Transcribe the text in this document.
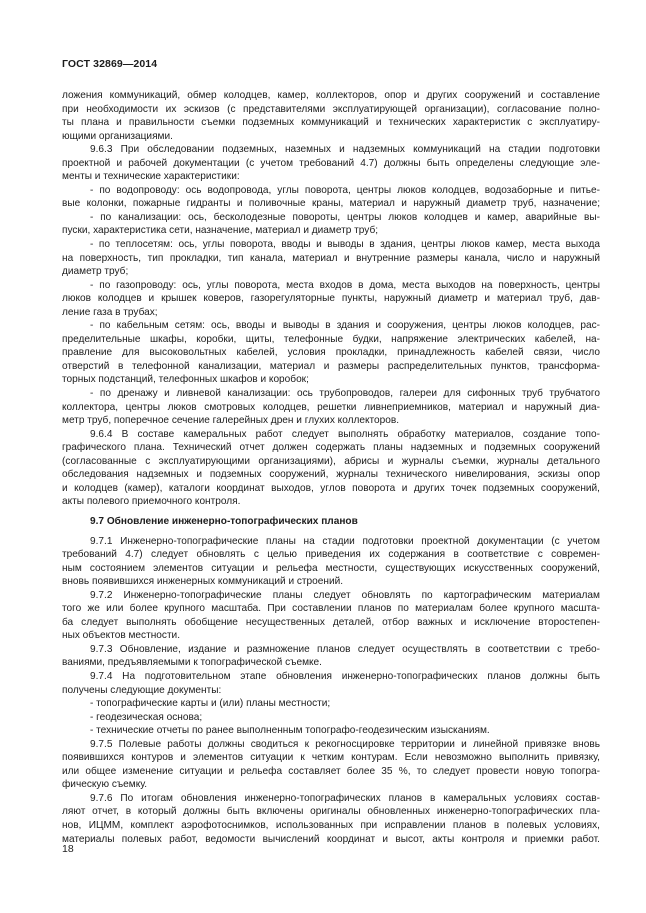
ГОСТ 32869—2014
ложения коммуникаций, обмер колодцев, камер, коллекторов, опор и других сооружений и составление
при необходимости их эскизов (с представителями эксплуатирующей организации), согласование полно-
ты плана и правильности съемки подземных коммуникаций и технических характеристик с эксплуатиру-
ющими организациями.
9.6.3 При обследовании подземных, наземных и надземных коммуникаций на стадии подготовки
проектной и рабочей документации (с учетом требований 4.7) должны быть определены следующие эле-
менты и технические характеристики:
- по водопроводу: ось водопровода, углы поворота, центры люков колодцев, водозаборные и питье-
вые колонки, пожарные гидранты и поливочные краны, материал и наружный диаметр труб, назначение;
- по канализации: ось, бесколодезные повороты, центры люков колодцев и камер, аварийные вы-
пуски, характеристика сети, назначение, материал и диаметр труб;
- по теплосетям: ось, углы поворота, вводы и выводы в здания, центры люков камер, места выхода
на поверхность, тип прокладки, тип канала, материал и внутренние размеры канала, число и наружный
диаметр труб;
- по газопроводу: ось, углы поворота, места входов в дома, места выходов на поверхность, центры
люков колодцев и крышек коверов, газорегуляторные пункты, наружный диаметр и материал труб, дав-
ление газа в трубах;
- по кабельным сетям: ось, вводы и выводы в здания и сооружения, центры люков колодцев, рас-
пределительные шкафы, коробки, щиты, телефонные будки, напряжение электрических кабелей, на-
правление для высоковольтных кабелей, условия прокладки, принадлежность кабелей связи, число
отверстий в телефонной канализации, материал и размеры распределительных пунктов, трансформа-
торных подстанций, телефонных шкафов и коробок;
- по дренажу и ливневой канализации: ось трубопроводов, галереи для сифонных труб трубчатого
коллектора, центры люков смотровых колодцев, решетки ливнеприемников, материал и наружный диа-
метр труб, поперечное сечение галерейных дрен и глухих коллекторов.
9.6.4 В составе камеральных работ следует выполнять обработку материалов, создание топо-
графического плана. Технический отчет должен содержать планы надземных и подземных сооружений
(согласованные с эксплуатирующими организациями), абрисы и журналы съемки, журналы детального
обследования надземных и подземных сооружений, журналы технического нивелирования, эскизы опор
и колодцев (камер), каталоги координат выходов, углов поворота и других точек подземных сооружений,
акты полевого приемочного контроля.
9.7 Обновление инженерно-топографических планов
9.7.1 Инженерно-топографические планы на стадии подготовки проектной документации (с учетом
требований 4.7) следует обновлять с целью приведения их содержания в соответствие с современ-
ным состоянием элементов ситуации и рельефа местности, существующих искусственных сооружений,
вновь появившихся инженерных коммуникаций и строений.
9.7.2 Инженерно-топографические планы следует обновлять по картографическим материалам
того же или более крупного масштаба. При составлении планов по материалам более крупного масшта-
ба следует выполнять обобщение несущественных деталей, отбор важных и исключение второстепен-
ных объектов местности.
9.7.3 Обновление, издание и размножение планов следует осуществлять в соответствии с требо-
ваниями, предъявляемыми к топографической съемке.
9.7.4 На подготовительном этапе обновления инженерно-топографических планов должны быть
получены следующие документы:
- топографические карты и (или) планы местности;
- геодезическая основа;
- технические отчеты по ранее выполненным топографо-геодезическим изысканиям.
9.7.5 Полевые работы должны сводиться к рекогносцировке территории и линейной привязке вновь
появившихся контуров и элементов ситуации к четким контурам. Если невозможно выполнить привязку,
или общее изменение ситуации и рельефа составляет более 35 %, то следует провести новую топогра-
фическую съемку.
9.7.6 По итогам обновления инженерно-топографических планов в камеральных условиях состав-
ляют отчет, в который должны быть включены оригиналы обновленных инженерно-топографических пла-
нов, ИЦММ, комплект аэрофотоснимков, использованных при исправлении планов в полевых условиях,
материалы полевых работ, ведомости вычислений координат и высот, акты контроля и приемки работ.
18
